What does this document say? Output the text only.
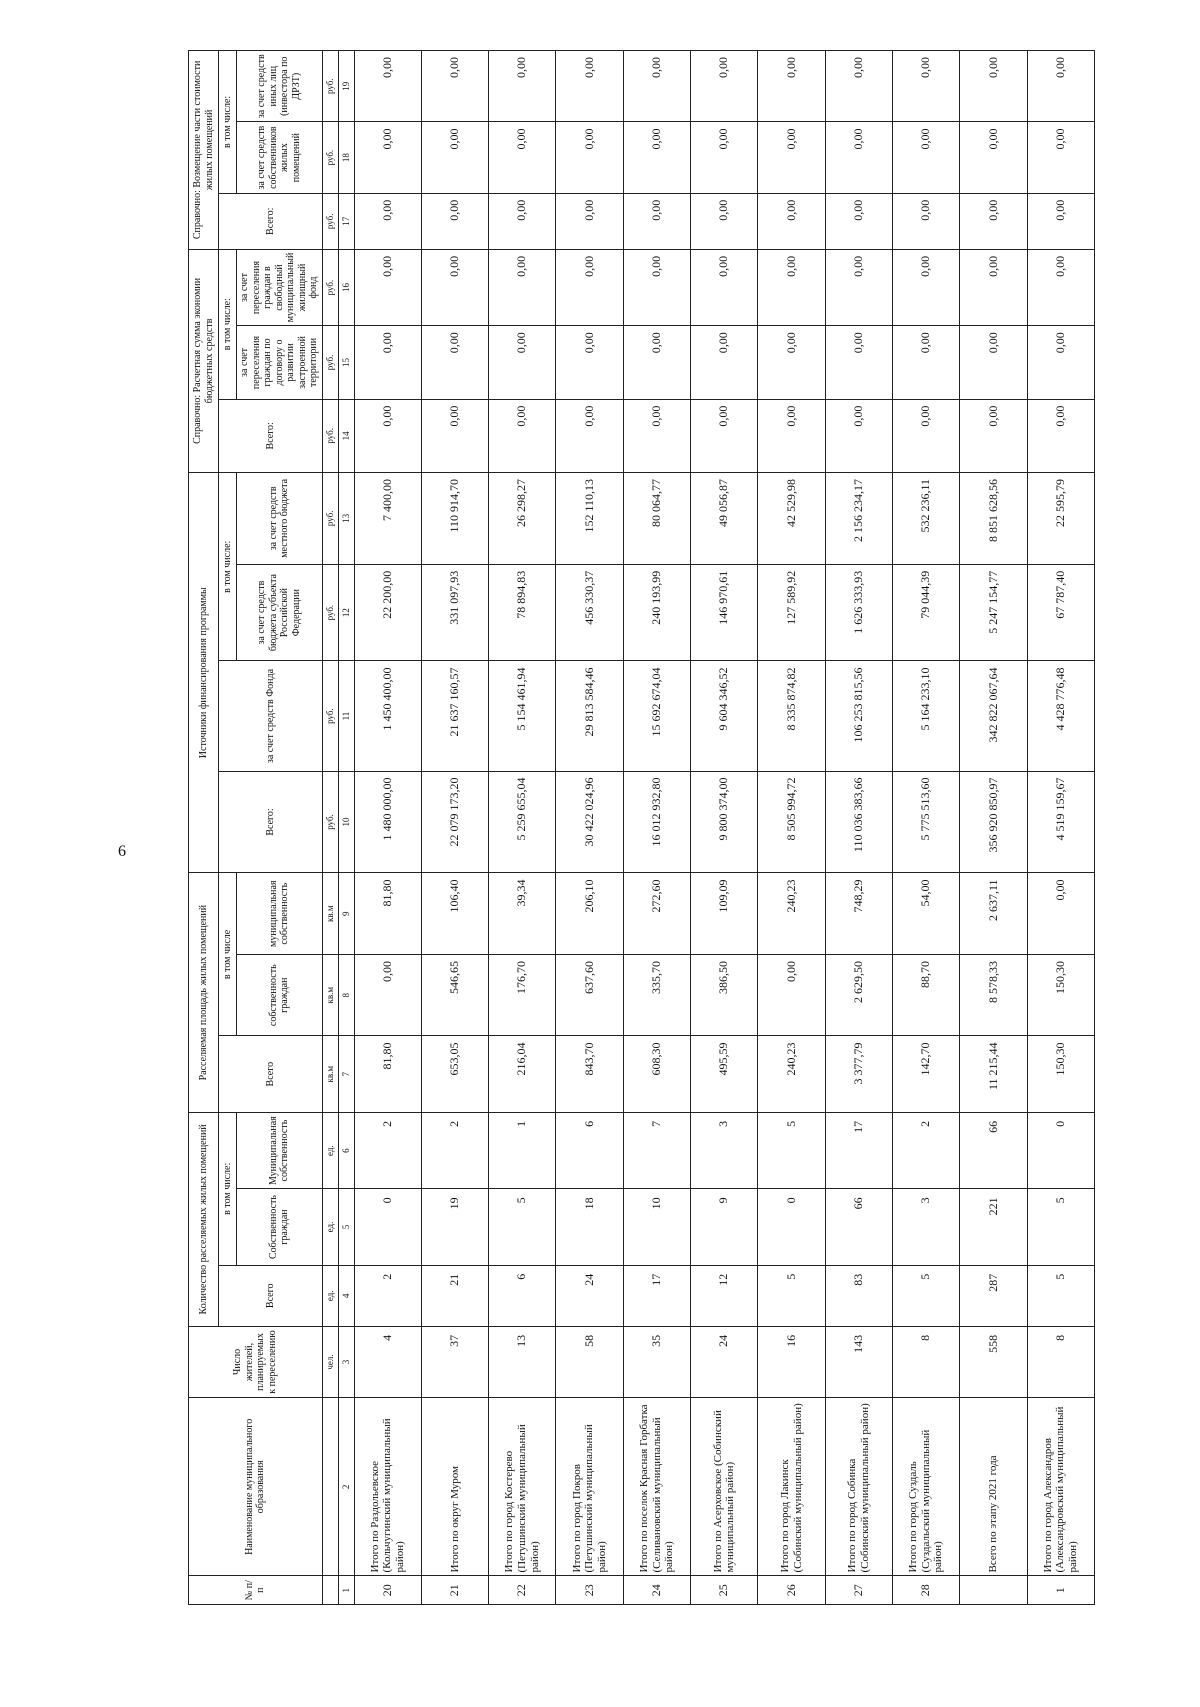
6
№ п/п	Наименование муниципального образования	Число жителей, планируемых к переселению	Количество расселяемых жилых помещений			Расселяемая площадь жилых помещений			Источники финансирования программы				Справочно: Расчетная сумма экономии бюджетных средств			Справочно: Возмещение части стоимости жилых помещений		
			Всего	в том числе:		Всего	в том числе		Всего:	за счет средств Фонда	в том числе:		Всего:	в том числе:		Всего:	в том числе:	
				Собственность граждан	Муниципальная собственность		собственность граждан	муниципальная собственность			за счет средств бюджета субъекта Российской Федерации	за счет средств местного бюджета		за счет переселения граждан по договору о развитии застроенной территории	за счет переселения граждан в свободный муниципальный жилищный фонд		за счет средств собственников жилых помещений	за счет средств иных лиц (инвестора по ДРЗТ)
		чел.	ед.	ед.	ед.	кв.м	кв.м	кв.м	руб.	руб.	руб.	руб.	руб.	руб.	руб.	руб.	руб.	руб.
1	2	3	4	5	6	7	8	9	10	11	12	13	14	15	16	17	18	19
20	Итого по Раздольевское (Кольчугинский муниципальный район)	4	2	0	2	81,80	0,00	81,80	1 480 000,00	1 450 400,00	22 200,00	7 400,00	0,00	0,00	0,00	0,00	0,00	0,00
21	Итого по округ Муром	37	21	19	2	653,05	546,65	106,40	22 079 173,20	21 637 160,57	331 097,93	110 914,70	0,00	0,00	0,00	0,00	0,00	0,00
22	Итого по город Костерево (Петушинский муниципальный район)	13	6	5	1	216,04	176,70	39,34	5 259 655,04	5 154 461,94	78 894,83	26 298,27	0,00	0,00	0,00	0,00	0,00	0,00
23	Итого по город Покров (Петушинский муниципальный район)	58	24	18	6	843,70	637,60	206,10	30 422 024,96	29 813 584,46	456 330,37	152 110,13	0,00	0,00	0,00	0,00	0,00	0,00
24	Итого по поселок Красная Горбатка (Селивановский муниципальный район)	35	17	10	7	608,30	335,70	272,60	16 012 932,80	15 692 674,04	240 193,99	80 064,77	0,00	0,00	0,00	0,00	0,00	0,00
25	Итого по Асерховское (Собинский муниципальный район)	24	12	9	3	495,59	386,50	109,09	9 800 374,00	9 604 346,52	146 970,61	49 056,87	0,00	0,00	0,00	0,00	0,00	0,00
26	Итого по город Лакинск (Собинский муниципальный район)	16	5	0	5	240,23	0,00	240,23	8 505 994,72	8 335 874,82	127 589,92	42 529,98	0,00	0,00	0,00	0,00	0,00	0,00
27	Итого по город Собинка (Собинский муниципальный район)	143	83	66	17	3 377,79	2 629,50	748,29	110 036 383,66	106 253 815,56	1 626 333,93	2 156 234,17	0,00	0,00	0,00	0,00	0,00	0,00
28	Итого по город Суздаль (Суздальский муниципальный район)	8	5	3	2	142,70	88,70	54,00	5 775 513,60	5 164 233,10	79 044,39	532 236,11	0,00	0,00	0,00	0,00	0,00	0,00
	Всего по этапу 2021 года	558	287	221	66	11 215,44	8 578,33	2 637,11	356 920 850,97	342 822 067,64	5 247 154,77	8 851 628,56	0,00	0,00	0,00	0,00	0,00	0,00
1	Итого по город Александров (Александровский муниципальный район)	8	5	5	0	150,30	150,30	0,00	4 519 159,67	4 428 776,48	67 787,40	22 595,79	0,00	0,00	0,00	0,00	0,00	0,00
